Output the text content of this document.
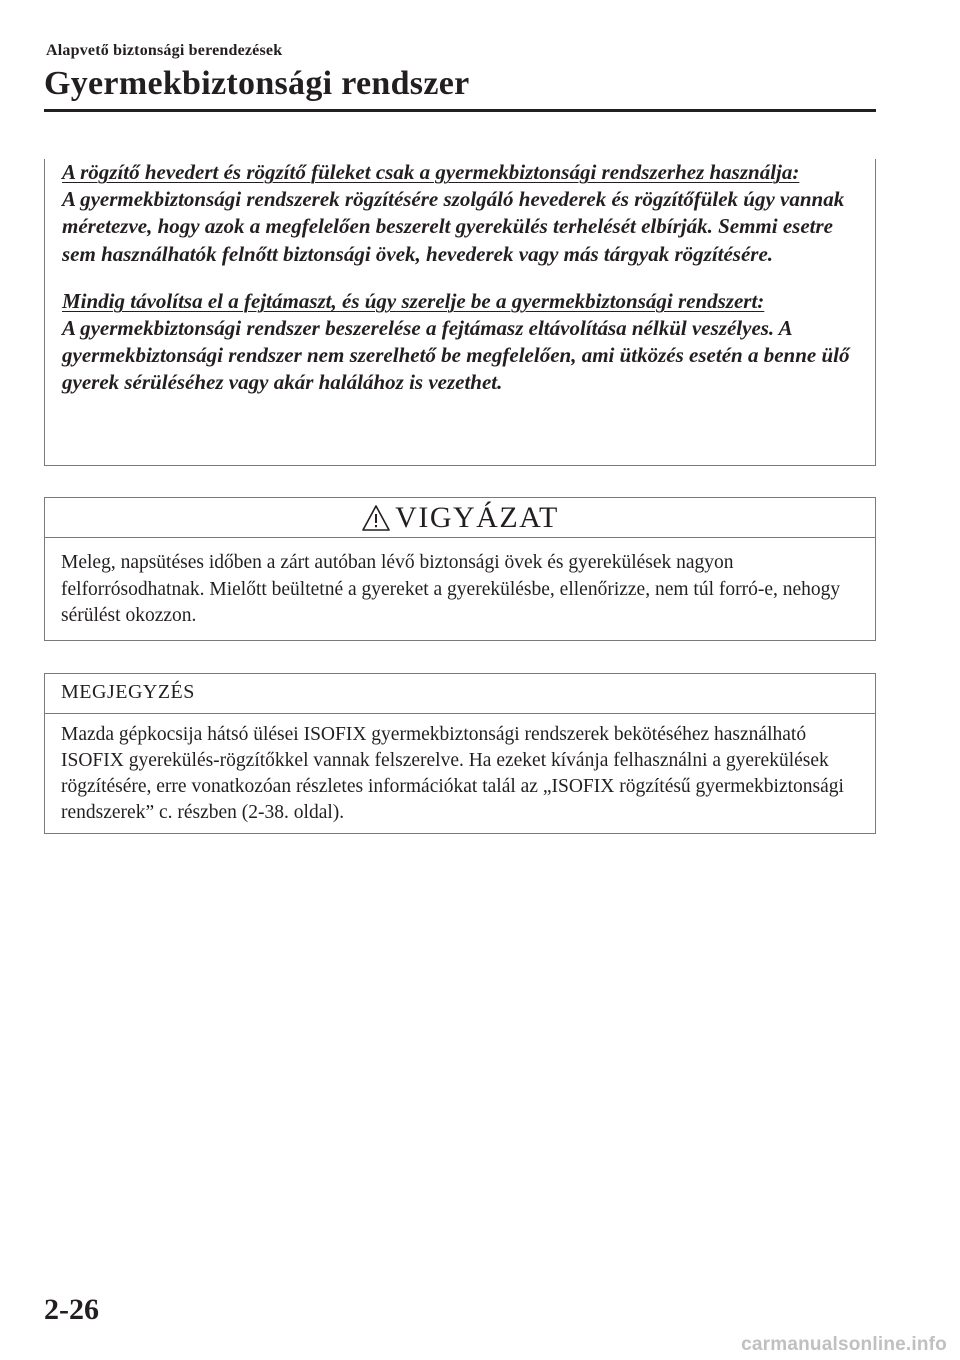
Alapvető biztonsági berendezések
Gyermekbiztonsági rendszer

A rögzítő hevedert és rögzítő füleket csak a gyermekbiztonsági rendszerhez használja:

A gyermekbiztonsági rendszerek rögzítésére szolgáló hevederek és rögzítőfülek úgy vannak méretezve, hogy azok a megfelelően beszerelt gyerekülés terhelését elbírják. Semmi esetre sem használhatók felnőtt biztonsági övek, hevederek vagy más tárgyak rögzítésére.

Mindig távolítsa el a fejtámaszt, és úgy szerelje be a gyermekbiztonsági rendszert:

A gyermekbiztonsági rendszer beszerelése a fejtámasz eltávolítása nélkül veszélyes. A gyermekbiztonsági rendszer nem szerelhető be megfelelően, ami ütközés esetén a benne ülő gyerek sérüléséhez vagy akár halálához is vezethet.

VIGYÁZAT
Meleg, napsütéses időben a zárt autóban lévő biztonsági övek és gyerekülések nagyon felforrósodhatnak. Mielőtt beültetné a gyereket a gyerekülésbe, ellenőrizze, nem túl forró-e, nehogy sérülést okozzon.
MEGJEGYZÉS
Mazda gépkocsija hátsó ülései ISOFIX gyermekbiztonsági rendszerek bekötéséhez használható ISOFIX gyerekülés-rögzítőkkel vannak felszerelve. Ha ezeket kívánja felhasználni a gyerekülések rögzítésére, erre vonatkozóan részletes információkat talál az „ISOFIX rögzítésű gyermekbiztonsági rendszerek” c. részben (2-38. oldal).
2-26
carmanualsonline.info
